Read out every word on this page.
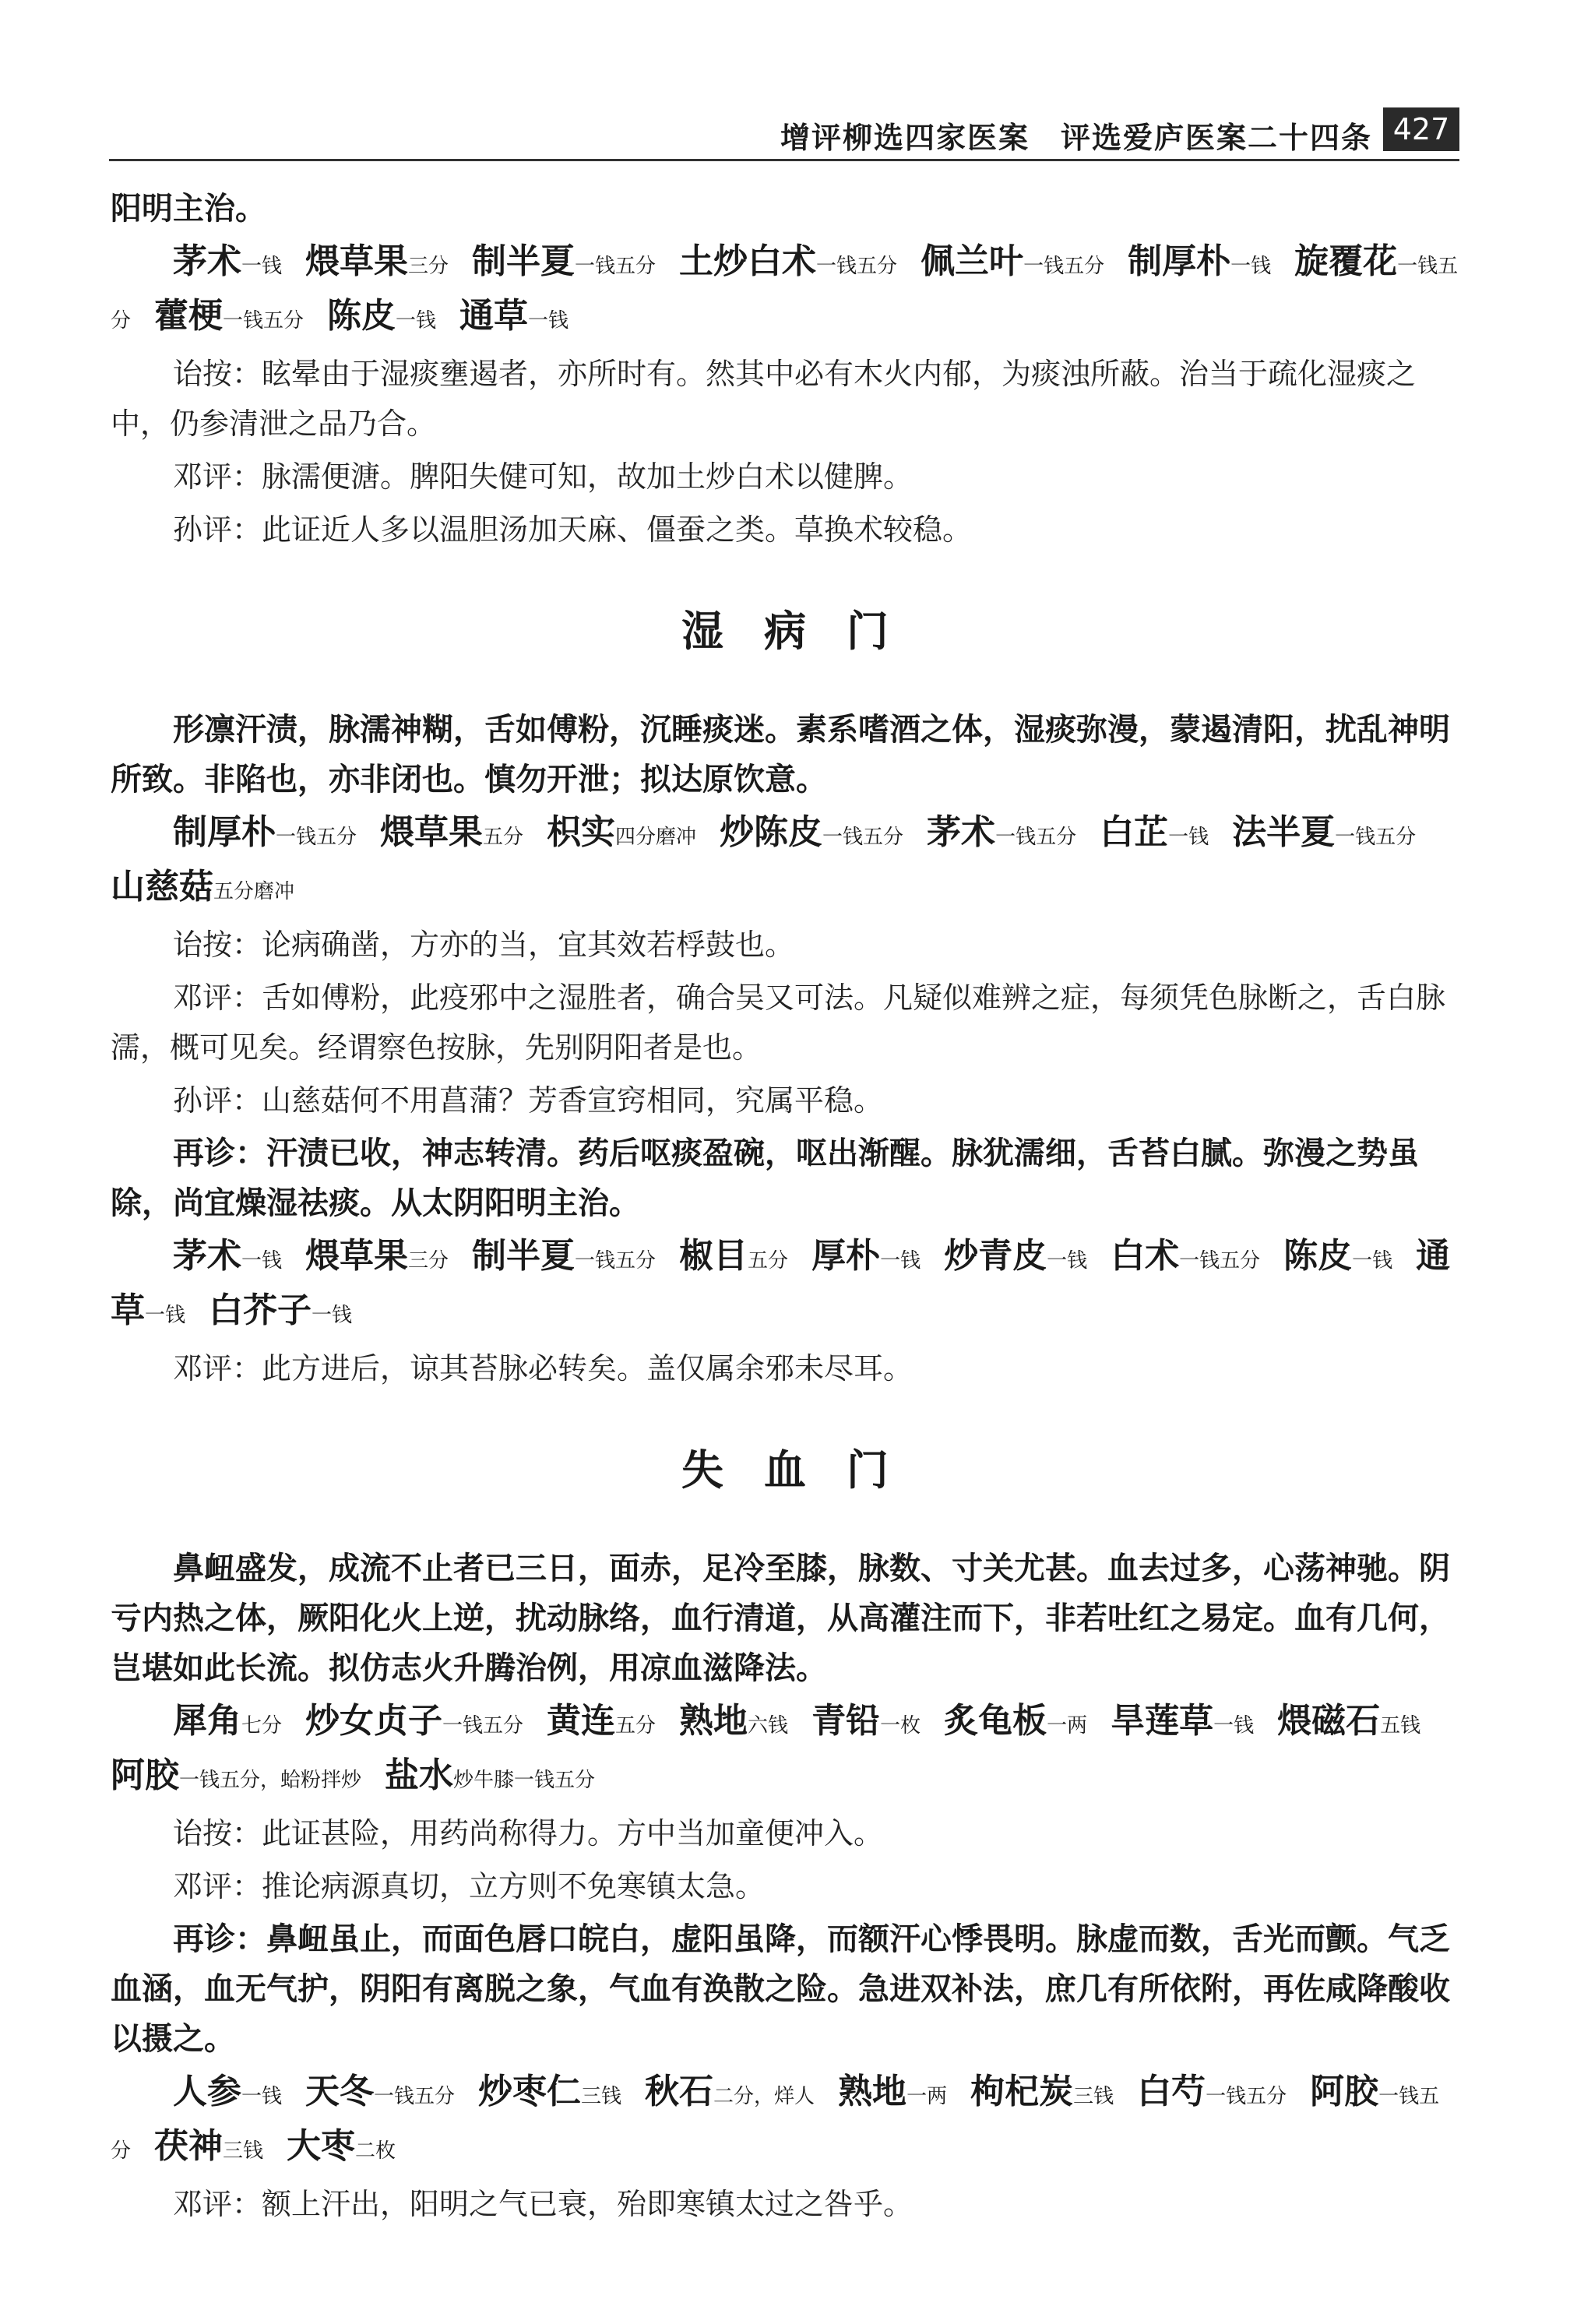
增评柳选四家医案　评选爱庐医案二十四条 427

阳明主治。

茅术一钱 煨草果三分 制半夏一钱五分 土炒白术一钱五分 佩兰叶一钱五分 制厚朴一钱 旋覆花一钱五分 藿梗一钱五分 陈皮一钱 通草一钱

诒按：眩晕由于湿痰壅遏者，亦所时有。然其中必有木火内郁，为痰浊所蔽。治当于疏化湿痰之中，仍参清泄之品乃合。

邓评：脉濡便溏。脾阳失健可知，故加土炒白术以健脾。

孙评：此证近人多以温胆汤加天麻、僵蚕之类。草换术较稳。

湿病门

形凛汗渍，脉濡神糊，舌如傅粉，沉睡痰迷。素系嗜酒之体，湿痰弥漫，蒙遏清阳，扰乱神明所致。非陷也，亦非闭也。慎勿开泄；拟达原饮意。

制厚朴一钱五分 煨草果五分 枳实四分磨冲 炒陈皮一钱五分 茅术一钱五分 白芷一钱 法半夏一钱五分山慈菇五分磨冲

诒按：论病确凿，方亦的当，宜其效若桴鼓也。

邓评：舌如傅粉，此疫邪中之湿胜者，确合吴又可法。凡疑似难辨之症，每须凭色脉断之，舌白脉濡，概可见矣。经谓察色按脉，先别阴阳者是也。

孙评：山慈菇何不用菖蒲？芳香宣窍相同，究属平稳。

再诊：汗渍已收，神志转清。药后呕痰盈碗，呕出渐醒。脉犹濡细，舌苔白腻。弥漫之势虽除，尚宜燥湿祛痰。从太阴阳明主治。

茅术一钱 煨草果三分 制半夏一钱五分 椒目五分 厚朴一钱 炒青皮一钱 白术一钱五分 陈皮一钱 通草一钱 白芥子一钱

邓评：此方进后，谅其苔脉必转矣。盖仅属余邪未尽耳。

失血门

鼻衄盛发，成流不止者已三日，面赤，足冷至膝，脉数、寸关尤甚。血去过多，心荡神驰。阴亏内热之体，厥阳化火上逆，扰动脉络，血行清道，从高灌注而下，非若吐红之易定。血有几何，岂堪如此长流。拟仿志火升腾治例，用凉血滋降法。

犀角七分 炒女贞子一钱五分 黄连五分 熟地六钱 青铅一枚 炙龟板一两 旱莲草一钱 煨磁石五钱阿胶一钱五分，蛤粉拌炒 盐水炒牛膝一钱五分

诒按：此证甚险，用药尚称得力。方中当加童便冲入。

邓评：推论病源真切，立方则不免寒镇太急。

再诊：鼻衄虽止，而面色唇口皖白，虚阳虽降，而额汗心悸畏明。脉虚而数，舌光而颤。气乏血涵，血无气护，阴阳有离脱之象，气血有涣散之险。急进双补法，庶几有所依附，再佐咸降酸收以摄之。

人参一钱 天冬一钱五分 炒枣仁三钱 秋石二分，烊人 熟地一两 枸杞炭三钱 白芍一钱五分 阿胶一钱五分 茯神三钱 大枣二枚

邓评：额上汗出，阳明之气已衰，殆即寒镇太过之咎乎。
